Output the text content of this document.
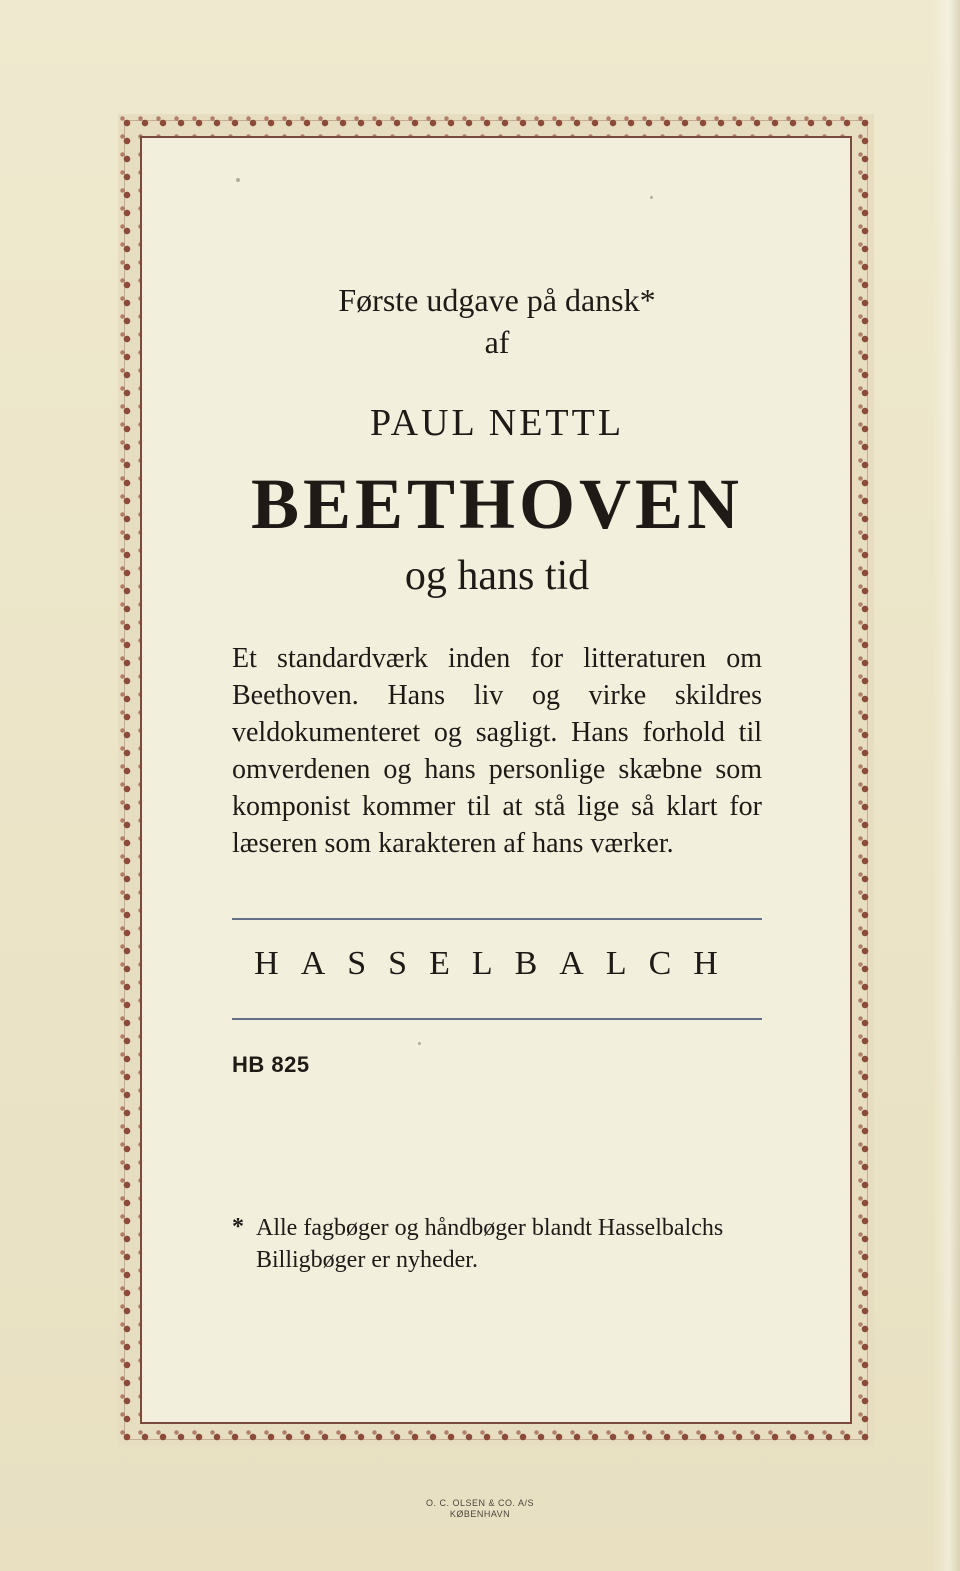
Første udgave på dansk*
af
PAUL NETTL
BEETHOVEN
og hans tid
Et standardværk inden for litteraturen om Beethoven. Hans liv og virke skildres veldokumenteret og sagligt. Hans forhold til omverdenen og hans personlige skæbne som komponist kommer til at stå lige så klart for læseren som karakteren af hans værker.
HASSELBALCH
HB 825
* Alle fagbøger og håndbøger blandt Hasselbalchs Billigbøger er nyheder.
O. C. OLSEN & CO. A/S
KØBENHAVN
